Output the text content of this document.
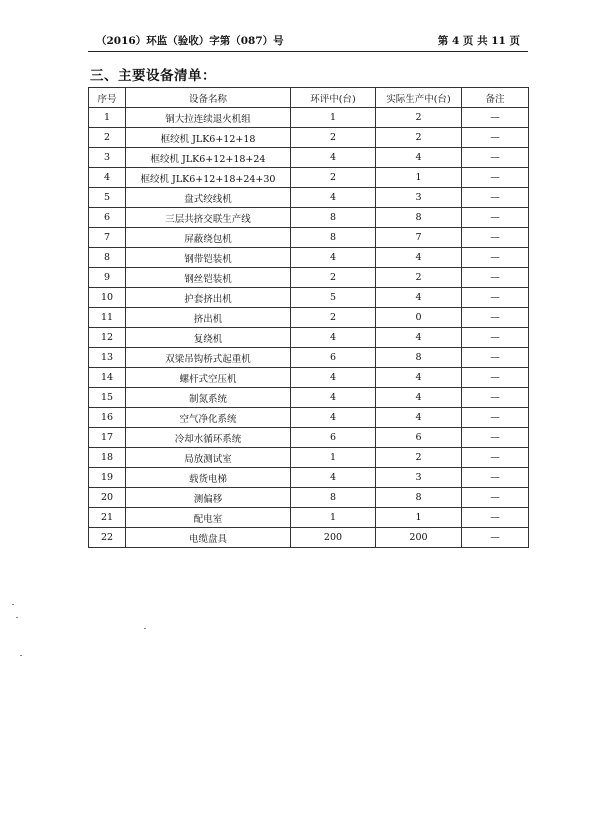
（2016）环监（验收）字第（087）号	第 4 页 共 11 页
三、主要设备清单：
序号	设备名称	环评中(台)	实际生产中(台)	备注
1	铜大拉连续退火机组	1	2	—
2	框绞机 JLK6+12+18	2	2	—
3	框绞机 JLK6+12+18+24	4	4	—
4	框绞机 JLK6+12+18+24+30	2	1	—
5	盘式绞线机	4	3	—
6	三层共挤交联生产线	8	8	—
7	屏蔽绕包机	8	7	—
8	钢带铠装机	4	4	—
9	钢丝铠装机	2	2	—
10	护套挤出机	5	4	—
11	挤出机	2	0	—
12	复绕机	4	4	—
13	双梁吊钩桥式起重机	6	8	—
14	螺杆式空压机	4	4	—
15	制氮系统	4	4	—
16	空气净化系统	4	4	—
17	冷却水循环系统	6	6	—
18	局放测试室	1	2	—
19	载货电梯	4	3	—
20	测偏移	8	8	—
21	配电室	1	1	—
22	电缆盘具	200	200	—
